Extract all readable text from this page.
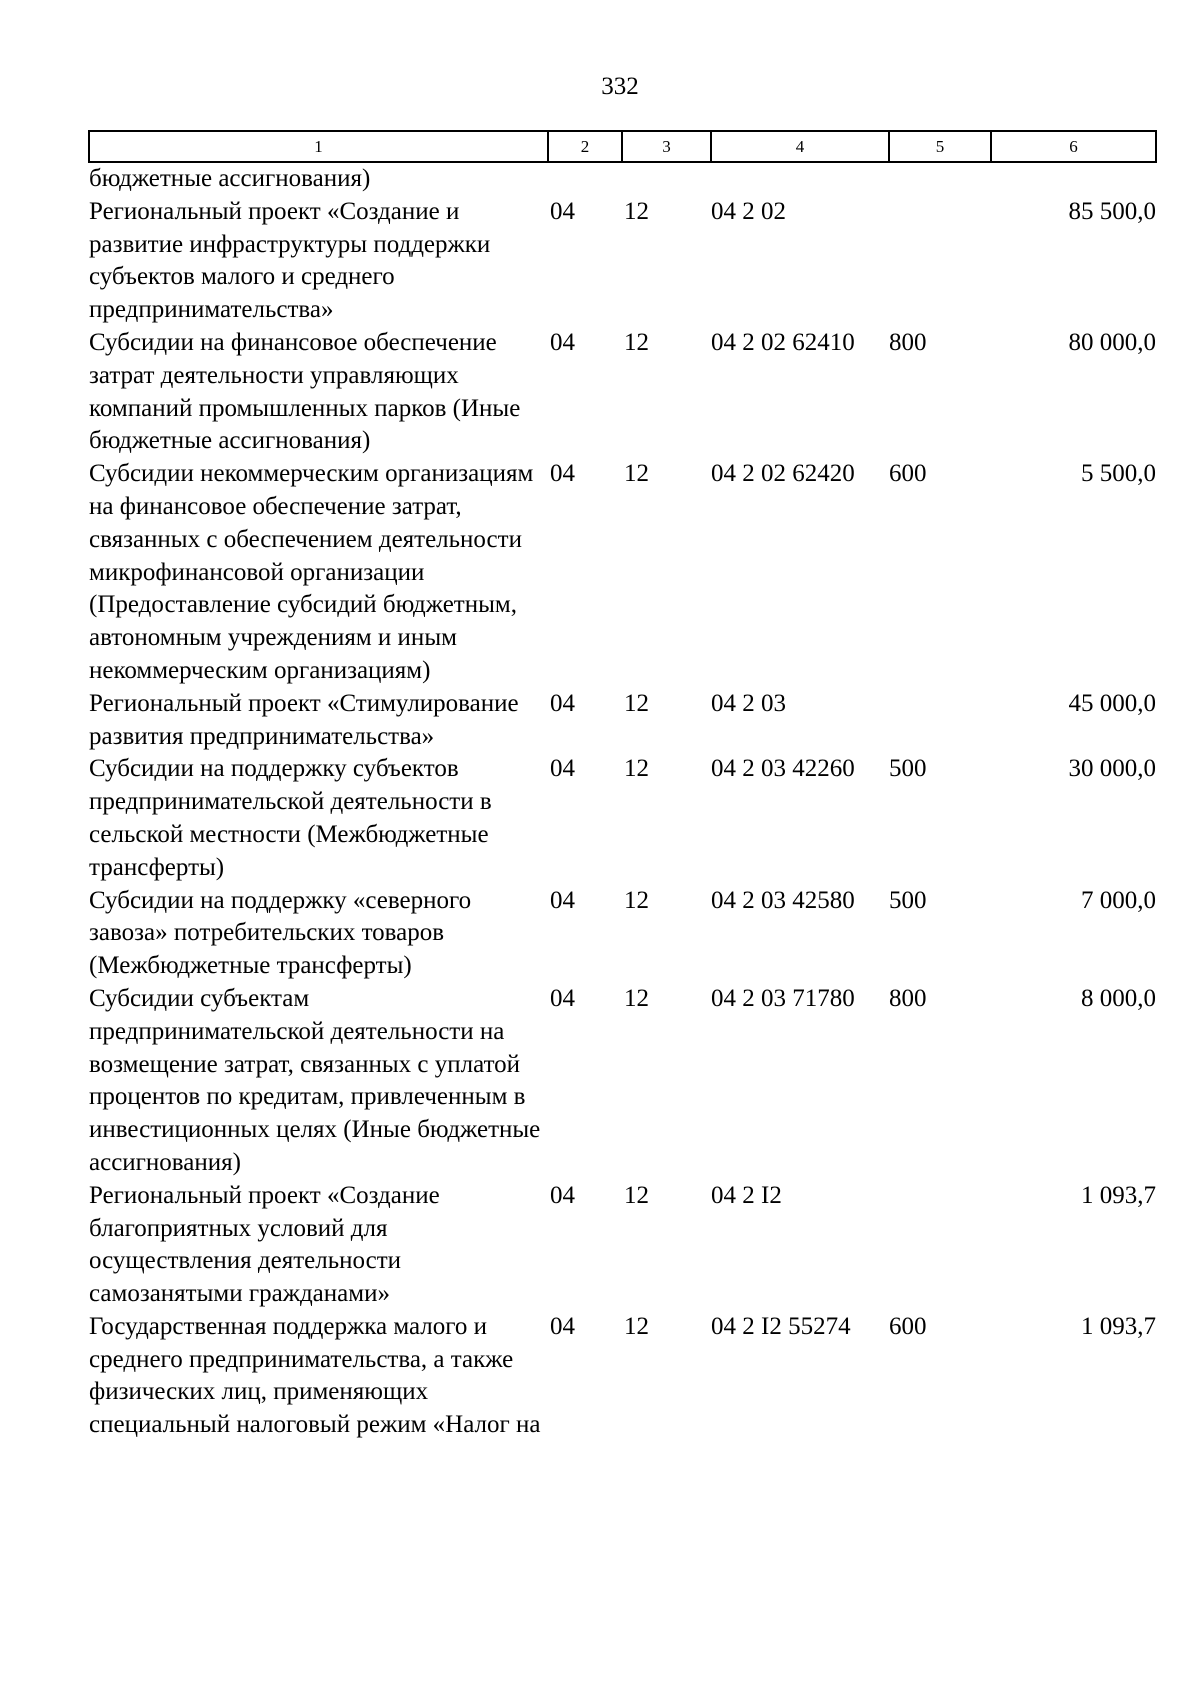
332
1	2	3	4	5	6
бюджетные ассигнования)					
Региональный проект «Создание и развитие инфраструктуры поддержки субъектов малого и среднего предпринимательства»	04	12	04 2 02		85 500,0
Субсидии на финансовое обеспечение затрат деятельности управляющих компаний промышленных парков (Иные бюджетные ассигнования)	04	12	04 2 02 62410	800	80 000,0
Субсидии некоммерческим организациям на финансовое обеспечение затрат, связанных с обеспечением деятельности микрофинансовой организации (Предоставление субсидий бюджетным, автономным учреждениям и иным некоммерческим организациям)	04	12	04 2 02 62420	600	5 500,0
Региональный проект «Стимулирование развития предпринимательства»	04	12	04 2 03		45 000,0
Субсидии на поддержку субъектов предпринимательской деятельности в сельской местности (Межбюджетные трансферты)	04	12	04 2 03 42260	500	30 000,0
Субсидии на поддержку «северного завоза» потребительских товаров (Межбюджетные трансферты)	04	12	04 2 03 42580	500	7 000,0
Субсидии субъектам предпринимательской деятельности на возмещение затрат, связанных с уплатой процентов по кредитам, привлеченным в инвестиционных целях (Иные бюджетные ассигнования)	04	12	04 2 03 71780	800	8 000,0
Региональный проект «Создание благоприятных условий для осуществления деятельности самозанятыми гражданами»	04	12	04 2 I2		1 093,7
Государственная поддержка малого и среднего предпринимательства, а также физических лиц, применяющих специальный налоговый режим «Налог на	04	12	04 2 I2 55274	600	1 093,7
